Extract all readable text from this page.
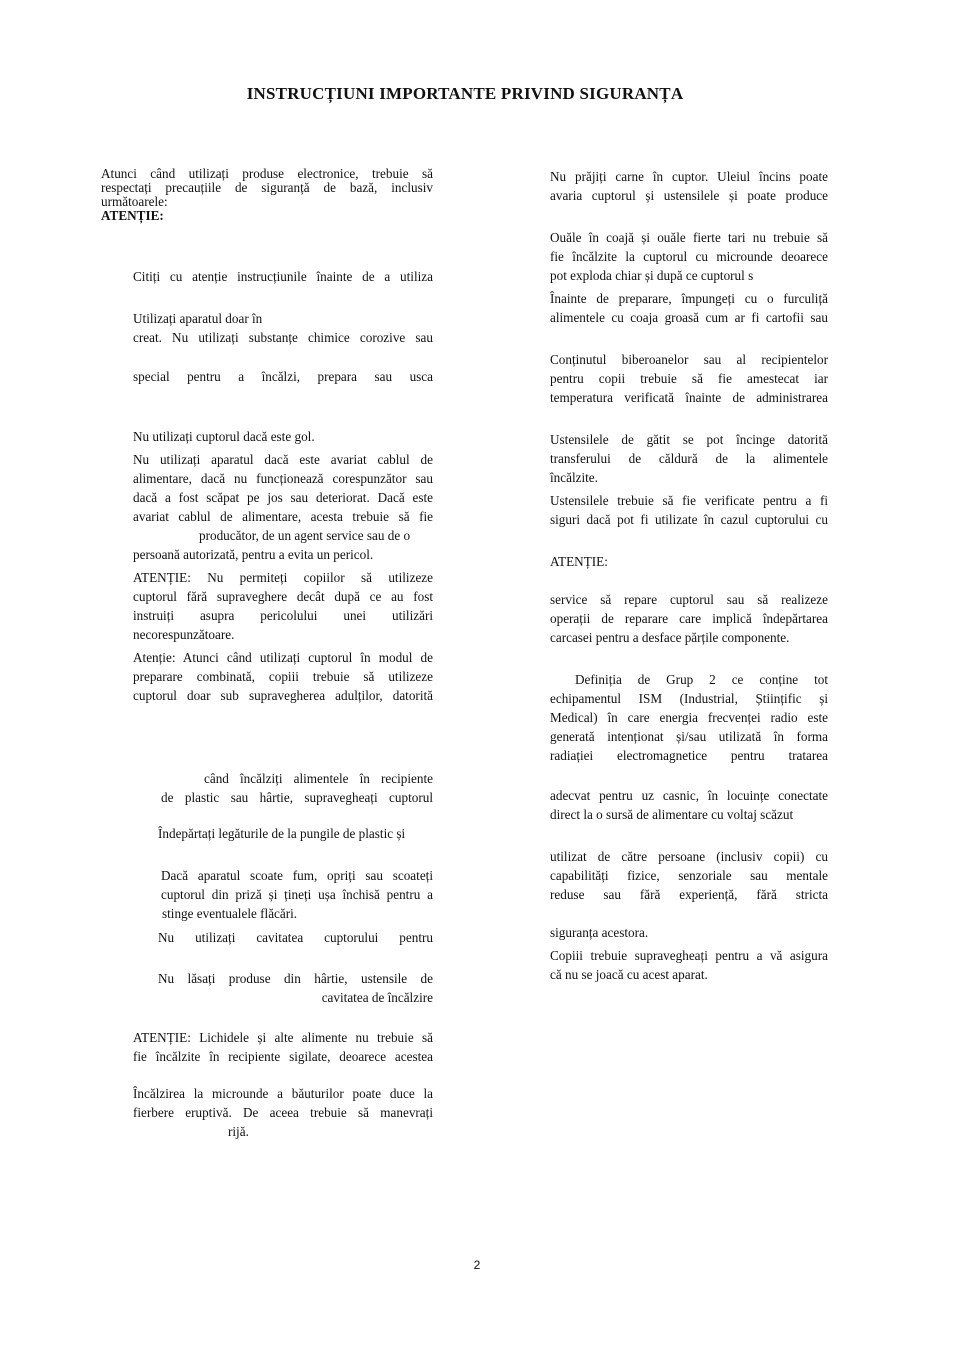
INSTRUCȚIUNI IMPORTANTE PRIVIND SIGURANȚA

Atunci când utilizați produse electronice, trebuie să

respectați precauțiile de siguranță de bază, inclusiv

următoarele:

ATENȚIE:

Citiți cu atenție instrucțiunile înainte de a utiliza

Utilizați aparatul doar în

creat. Nu utilizați substanțe chimice corozive sau

special pentru a încălzi, prepara sau usca

Nu utilizați cuptorul dacă este gol.

Nu utilizați aparatul dacă este avariat cablul de

alimentare, dacă nu funcționează corespunzător sau

dacă a fost scăpat pe jos sau deteriorat. Dacă este

avariat cablul de alimentare, acesta trebuie să fie

producător, de un agent service sau de o

persoană autorizată, pentru a evita un pericol.

ATENȚIE: Nu permiteți copiilor să utilizeze

cuptorul fără supraveghere decât după ce au fost

instruiți asupra pericolului unei utilizări

necorespunzătoare.

Atenție: Atunci când utilizați cuptorul în modul de

preparare combinată, copiii trebuie să utilizeze

cuptorul doar sub supravegherea adulților, datorită

când încălziți alimentele în recipiente

de plastic sau hârtie, supravegheați cuptorul

Îndepărtați legăturile de la pungile de plastic și

Dacă aparatul scoate fum, opriți sau scoateți

cuptorul din priză și țineți ușa închisă pentru a

stinge eventualele flăcări.

Nu utilizați cavitatea cuptorului pentru

Nu lăsați produse din hârtie, ustensile de

cavitatea de încălzire

ATENȚIE: Lichidele și alte alimente nu trebuie să

fie încălzite în recipiente sigilate, deoarece acestea

Încălzirea la microunde a băuturilor poate duce la

fierbere eruptivă. De aceea trebuie să manevrați

riјă.

Nu prăjiți carne în cuptor. Uleiul încins poate

avaria cuptorul și ustensilele și poate produce

Ouăle în coajă și ouăle fierte tari nu trebuie să

fie încălzite la cuptorul cu microunde deoarece

pot exploda chiar și după ce cuptorul s

Înainte de preparare, împungeți cu o furculiță

alimentele cu coaja groasă cum ar fi cartofii sau

Conținutul biberoanelor sau al recipientelor

pentru copii trebuie să fie amestecat iar

temperatura verificată înainte de administrarea

Ustensilele de gătit se pot încinge datorită

transferului de căldură de la alimentele

încălzite.

Ustensilele trebuie să fie verificate pentru a fi

siguri dacă pot fi utilizate în cazul cuptorului cu

ATENȚIE:

service să repare cuptorul sau să realizeze

operații de reparare care implică îndepărtarea

carcasei pentru a desface părțile componente.

Definiția de Grup 2 ce conține tot

echipamentul ISM (Industrial, Științific și

Medical) în care energia frecvenței radio este

generată intenționat și/sau utilizată în forma

radiației electromagnetice pentru tratarea

adecvat pentru uz casnic, în locuințe conectate

direct la o sursă de alimentare cu voltaj scăzut

utilizat de către persoane (inclusiv copii) cu

capabilități fizice, senzoriale sau mentale

reduse sau fără experiență, fără stricta

siguranța acestora.

Copiii trebuie supravegheați pentru a vă asigura

că nu se joacă cu acest aparat.

2
